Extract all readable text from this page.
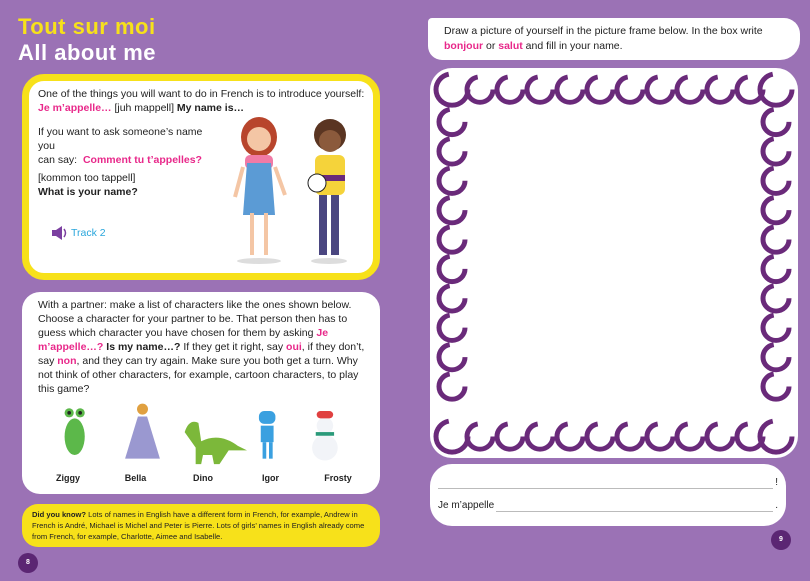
Tout sur moi
All about me
One of the things you will want to do in French is to introduce yourself:
Je m’appelle… [juh mappell] My name is…
If you want to ask someone’s name you
can say: Comment tu t’appelles?
[kommon too tappell]
What is your name?
Track 2
With a partner: make a list of characters like the ones shown below. Choose a character for your partner to be. That person then has to guess which character you have chosen for them by asking Je m’appelle…? Is my name…? If they get it right, say oui, if they don’t, say non, and they can try again. Make sure you both get a turn. Why not think of other characters, for example, cartoon characters, to play this game?
Ziggy	Bella	Dino	Igor	Frosty
Did you know? Lots of names in English have a different form in French, for example, Andrew in French is André, Michael is Michel and Peter is Pierre. Lots of girls’ names in English already come from French, for example, Charlotte, Aimee and Isabelle.
8
Draw a picture of yourself in the picture frame below. In the box write bonjour or salut and fill in your name.
!
Je m’appelle	.
9
